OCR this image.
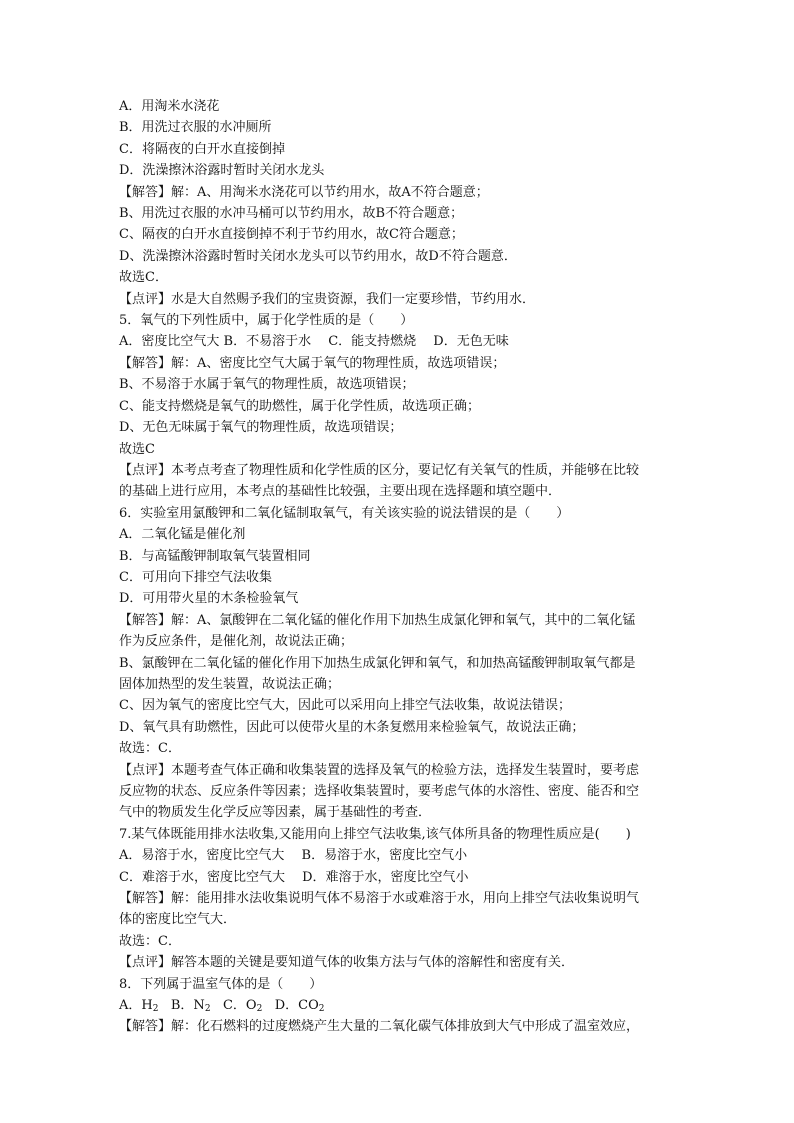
A．用淘米水浇花

B．用洗过衣服的水冲厕所

C．将隔夜的白开水直接倒掉

D．洗澡擦沐浴露时暂时关闭水龙头

【解答】解：A、用淘米水浇花可以节约用水，故A不符合题意；

B、用洗过衣服的水冲马桶可以节约用水，故B不符合题意；

C、隔夜的白开水直接倒掉不利于节约用水，故C符合题意；

D、洗澡擦沐浴露时暂时关闭水龙头可以节约用水，故D不符合题意．

故选C．

【点评】水是大自然赐予我们的宝贵资源，我们一定要珍惜，节约用水．

5．氧气的下列性质中，属于化学性质的是（　　）

A．密度比空气大 B．不易溶于水　 C．能支持燃烧　 D．无色无味

【解答】解：A、密度比空气大属于氧气的物理性质，故选项错误；

B、不易溶于水属于氧气的物理性质，故选项错误；

C、能支持燃烧是氧气的助燃性，属于化学性质，故选项正确；

D、无色无味属于氧气的物理性质，故选项错误；

故选C

【点评】本考点考查了物理性质和化学性质的区分，要记忆有关氧气的性质，并能够在比较

的基础上进行应用，本考点的基础性比较强，主要出现在选择题和填空题中．

6．实验室用氯酸钾和二氧化锰制取氧气，有关该实验的说法错误的是（　　）

A．二氧化锰是催化剂

B．与高锰酸钾制取氧气装置相同

C．可用向下排空气法收集

D．可用带火星的木条检验氧气

【解答】解：A、氯酸钾在二氧化锰的催化作用下加热生成氯化钾和氧气，其中的二氧化锰

作为反应条件，是催化剂，故说法正确；

B、氯酸钾在二氧化锰的催化作用下加热生成氯化钾和氧气，和加热高锰酸钾制取氧气都是

固体加热型的发生装置，故说法正确；

C、因为氧气的密度比空气大，因此可以采用向上排空气法收集，故说法错误；

D、氧气具有助燃性，因此可以使带火星的木条复燃用来检验氧气，故说法正确；

故选：C．

【点评】本题考查气体正确和收集装置的选择及氧气的检验方法，选择发生装置时，要考虑

反应物的状态、反应条件等因素；选择收集装置时，要考虑气体的水溶性、密度、能否和空

气中的物质发生化学反应等因素，属于基础性的考查．

7.某气体既能用排水法收集,又能用向上排空气法收集,该气体所具备的物理性质应是(　　)

A．易溶于水，密度比空气大　 B．易溶于水，密度比空气小

C．难溶于水，密度比空气大　 D．难溶于水，密度比空气小

【解答】解：能用排水法收集说明气体不易溶于水或难溶于水，用向上排空气法收集说明气

体的密度比空气大．

故选：C．

【点评】解答本题的关键是要知道气体的收集方法与气体的溶解性和密度有关．

8．下列属于温室气体的是（　　）

A．$H_2$ B．$N_2$ C．$O_2$ D．$CO_2$

【解答】解：化石燃料的过度燃烧产生大量的二氧化碳气体排放到大气中形成了温室效应，
